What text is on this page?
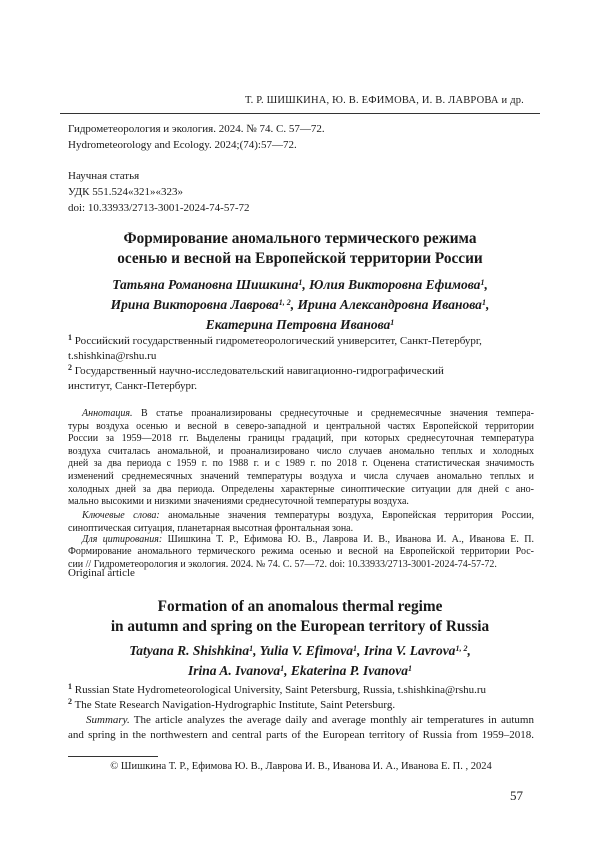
Т. Р. ШИШКИНА, Ю. В. ЕФИМОВА, И. В. ЛАВРОВА и др.
Гидрометеорология и экология. 2024. № 74. С. 57—72.
Hydrometeorology and Ecology. 2024;(74):57—72.
Научная статья
УДК 551.524«321»«323»
doi: 10.33933/2713-3001-2024-74-57-72
Формирование аномального термического режима
осенью и весной на Европейской территории России
Татьяна Романовна Шишкина$^1$, Юлия Викторовна Ефимова$^1$,
Ирина Викторовна Лаврова$^{1, 2}$, Ирина Александровна Иванова$^1$,
Екатерина Петровна Иванова$^1$
$^1$ Российский государственный гидрометеорологический университет, Санкт-Петербург,
t.shishkina@rshu.ru
$^2$ Государственный научно-исследовательский навигационно-гидрографический
институт, Санкт-Петербург.
Аннотация. В статье проанализированы среднесуточные и среднемесячные значения темпера-
туры воздуха осенью и весной в северо-западной и центральной частях Европейской территории
России за 1959—2018 гг. Выделены границы градаций, при которых среднесуточная температура
воздуха считалась аномальной, и проанализировано число случаев аномально теплых и холодных
дней за два периода с 1959 г. по 1988 г. и с 1989 г. по 2018 г. Оценена статистическая значимость
изменений среднемесячных значений температуры воздуха и числа случаев аномально теплых и
холодных дней за два периода. Определены характерные синоптические ситуации для дней с ано-
мально высокими и низкими значениями среднесуточной температуры воздуха.
Ключевые слова: аномальные значения температуры воздуха, Европейская территория России,
синоптическая ситуация, планетарная высотная фронтальная зона.
Для цитирования: Шишкина Т. Р., Ефимова Ю. В., Лаврова И. В., Иванова И. А., Иванова Е. П.
Формирование аномального термического режима осенью и весной на Европейской территории Рос-
сии // Гидрометеорология и экология. 2024. № 74. С. 57—72. doi: 10.33933/2713-3001-2024-74-57-72.
Original article
Formation of an anomalous thermal regime
in autumn and spring on the European territory of Russia
Tatyana R. Shishkina$^1$, Yulia V. Efimova$^1$, Irina V. Lavrova$^{1, 2}$,
Irina A. Ivanova$^1$, Ekaterina P. Ivanova$^1$
$^1$ Russian State Hydrometeorological University, Saint Petersburg, Russia, t.shishkina@rshu.ru
$^2$ The State Research Navigation-Hydrographic Institute, Saint Petersburg.
Summary. The article analyzes the average daily and average monthly air temperatures in autumn
and spring in the northwestern and central parts of the European territory of Russia from 1959–2018.
© Шишкина Т. Р., Ефимова Ю. В., Лаврова И. В., Иванова И. А., Иванова Е. П. , 2024
57
